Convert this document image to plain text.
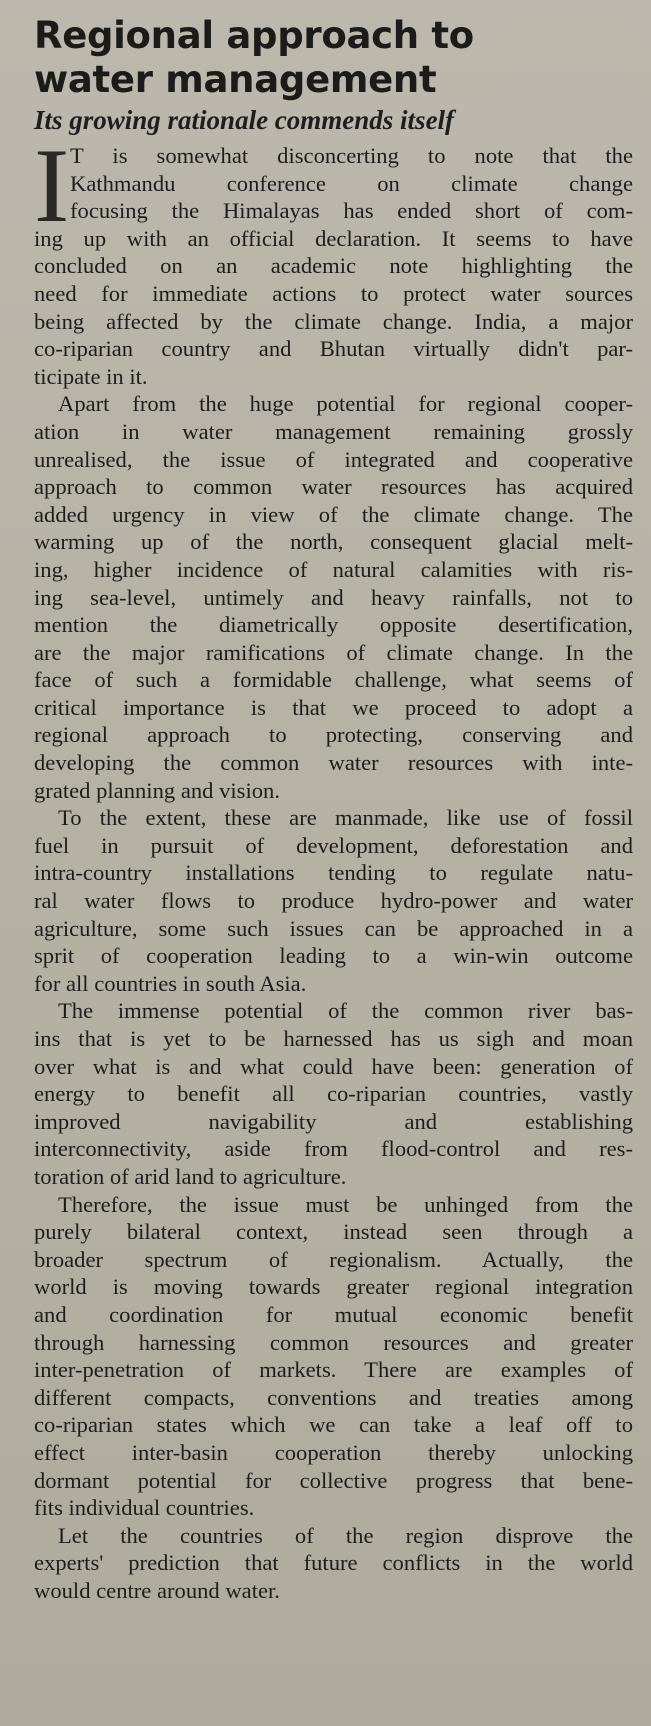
Regional approach to
water management
Its growing rationale commends itself
I T is somewhat disconcerting to note that the
Kathmandu conference on climate change
focusing the Himalayas has ended short of com-
ing up with an official declaration. It seems to have
concluded on an academic note highlighting the
need for immediate actions to protect water sources
being affected by the climate change. India, a major
co-riparian country and Bhutan virtually didn't par-
ticipate in it.
Apart from the huge potential for regional cooper-
ation in water management remaining grossly
unrealised, the issue of integrated and cooperative
approach to common water resources has acquired
added urgency in view of the climate change. The
warming up of the north, consequent glacial melt-
ing, higher incidence of natural calamities with ris-
ing sea-level, untimely and heavy rainfalls, not to
mention the diametrically opposite desertification,
are the major ramifications of climate change. In the
face of such a formidable challenge, what seems of
critical importance is that we proceed to adopt a
regional approach to protecting, conserving and
developing the common water resources with inte-
grated planning and vision.
To the extent, these are manmade, like use of fossil
fuel in pursuit of development, deforestation and
intra-country installations tending to regulate natu-
ral water flows to produce hydro-power and water
agriculture, some such issues can be approached in a
sprit of cooperation leading to a win-win outcome
for all countries in south Asia.
The immense potential of the common river bas-
ins that is yet to be harnessed has us sigh and moan
over what is and what could have been: generation of
energy to benefit all co-riparian countries, vastly
improved navigability and establishing
interconnectivity, aside from flood-control and res-
toration of arid land to agriculture.
Therefore, the issue must be unhinged from the
purely bilateral context, instead seen through a
broader spectrum of regionalism. Actually, the
world is moving towards greater regional integration
and coordination for mutual economic benefit
through harnessing common resources and greater
inter-penetration of markets. There are examples of
different compacts, conventions and treaties among
co-riparian states which we can take a leaf off to
effect inter-basin cooperation thereby unlocking
dormant potential for collective progress that bene-
fits individual countries.
Let the countries of the region disprove the
experts' prediction that future conflicts in the world
would centre around water.
